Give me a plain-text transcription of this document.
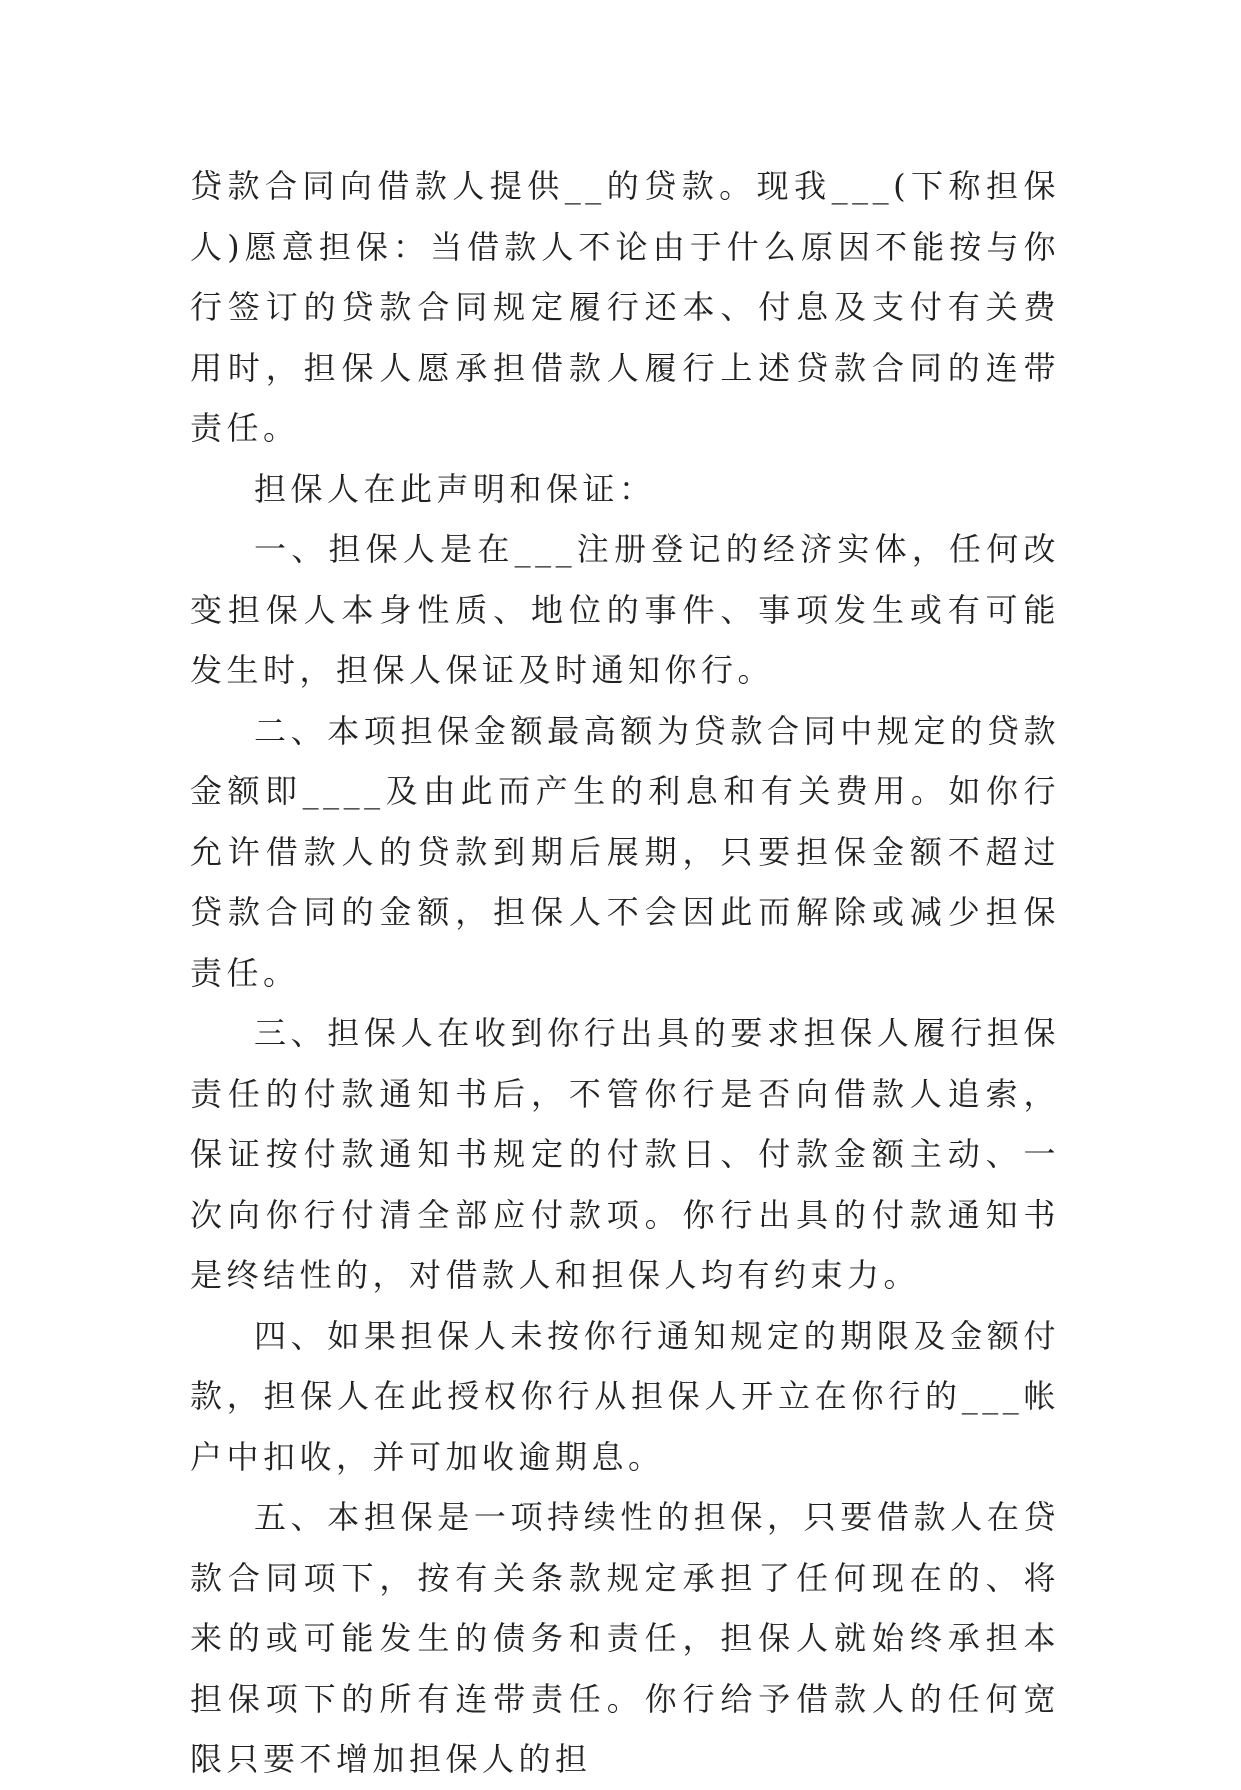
贷款合同向借款人提供__的贷款。现我___(下称担保人)愿意担保：当借款人不论由于什么原因不能按与你行签订的贷款合同规定履行还本、付息及支付有关费用时，担保人愿承担借款人履行上述贷款合同的连带责任。

担保人在此声明和保证：

一、担保人是在___注册登记的经济实体，任何改变担保人本身性质、地位的事件、事项发生或有可能发生时，担保人保证及时通知你行。

二、本项担保金额最高额为贷款合同中规定的贷款金额即____及由此而产生的利息和有关费用。如你行允许借款人的贷款到期后展期，只要担保金额不超过贷款合同的金额，担保人不会因此而解除或减少担保责任。

三、担保人在收到你行出具的要求担保人履行担保责任的付款通知书后，不管你行是否向借款人追索，保证按付款通知书规定的付款日、付款金额主动、一次向你行付清全部应付款项。你行出具的付款通知书是终结性的，对借款人和担保人均有约束力。

四、如果担保人未按你行通知规定的期限及金额付款，担保人在此授权你行从担保人开立在你行的___帐户中扣收，并可加收逾期息。

五、本担保是一项持续性的担保，只要借款人在贷款合同项下，按有关条款规定承担了任何现在的、将来的或可能发生的债务和责任，担保人就始终承担本担保项下的所有连带责任。你行给予借款人的任何宽限只要不增加担保人的担
